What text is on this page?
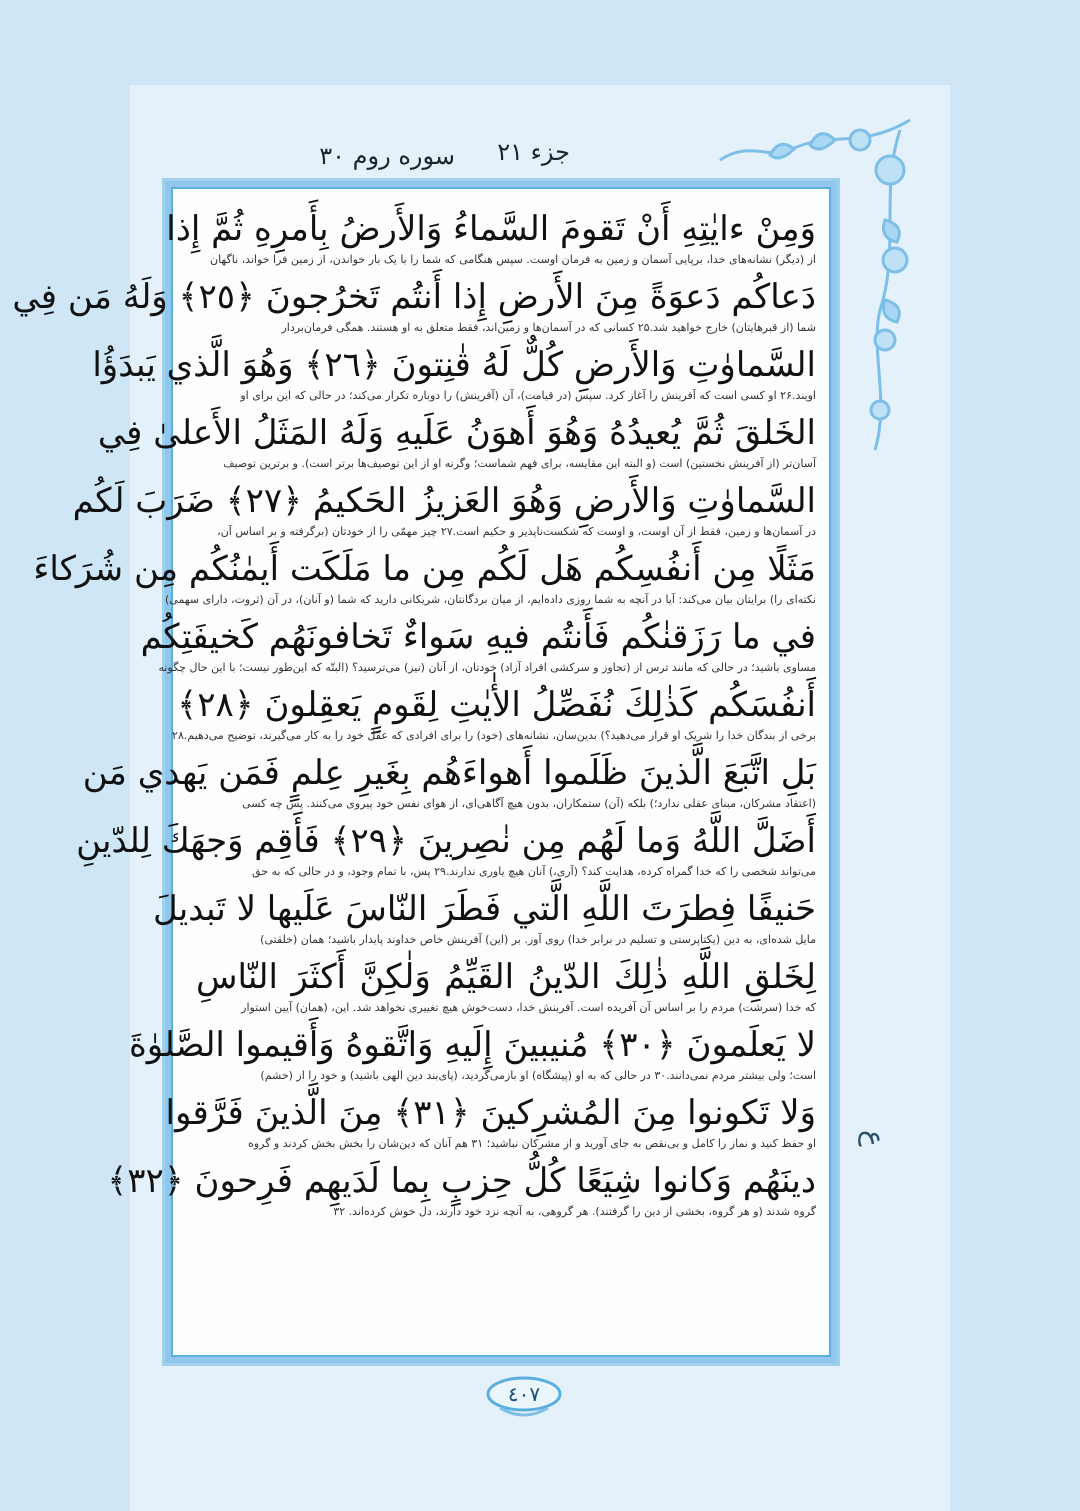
جزء ۲۱
سوره روم ۳۰
وَمِنْ ءايٰتِهِ أَنْ تَقومَ السَّماءُ وَالأَرضُ بِأَمرِهِ ثُمَّ إِذا
از (دیگر) نشانه‌های خدا، برپایی آسمان و زمین به فرمان اوست. سپس هنگامی که شما را با یک بار خواندن، از زمین فرا خواند، ناگهان
دَعاكُم دَعوَةً مِنَ الأَرضِ إِذا أَنتُم تَخرُجونَ ﴿٢٥﴾ وَلَهُ مَن فِي
شما (از قبرهایتان) خارج خواهید شد.۲۵ کسانی که در آسمان‌ها و زمین‌اند، فقط متعلق به او هستند. همگی فرمان‌بردار
السَّماوٰتِ وَالأَرضِ كُلٌّ لَهُ قٰنِتونَ ﴿٢٦﴾ وَهُوَ الَّذي يَبدَؤُا
اویند.۲۶ او کسی است که آفرینش را آغاز کرد. سپس (در قیامت)، آن (آفرینش) را دوباره تکرار می‌کند؛ در حالی که این برای او
الخَلقَ ثُمَّ يُعيدُهُ وَهُوَ أَهوَنُ عَلَيهِ وَلَهُ المَثَلُ الأَعلىٰ فِي
آسان‌تر (از آفرینش نخستین) است (و البته این مقایسه، برای فهم شماست؛ وگرنه او از این توصیف‌ها برتر است). و برترین توصیف
السَّماوٰتِ وَالأَرضِ وَهُوَ العَزيزُ الحَكيمُ ﴿٢٧﴾ ضَرَبَ لَكُم
در آسمان‌ها و زمین، فقط از آن اوست، و اوست که شکست‌ناپذیر و حکیم است.۲۷ چیز مهمّی را از خودتان (برگرفته و بر اساس آن،
مَثَلًا مِن أَنفُسِكُم هَل لَكُم مِن ما مَلَكَت أَيمٰنُكُم مِن شُرَكاءَ
نکته‌ای را) برایتان بیان می‌کند: آیا در آنچه به شما روزی داده‌ایم، از میان بردگانتان، شریکانی دارید که شما (و آنان)، در آن (ثروت، دارای سهمی)
في ما رَزَقنٰكُم فَأَنتُم فيهِ سَواءٌ تَخافونَهُم كَخيفَتِكُم
مساوی باشید؛ در حالی که مانند ترس از (تجاوز و سرکشی افراد آزاد) خودتان، از آنان (نیز) می‌ترسید؟ (البتّه که این‌طور نیست؛ با این حال چگونه
أَنفُسَكُم كَذٰلِكَ نُفَصِّلُ الأٰيٰتِ لِقَومٍ يَعقِلونَ ﴿٢٨﴾
برخی از بندگان خدا را شریک او قرار می‌دهید؟) بدین‌سان، نشانه‌های (خود) را برای افرادی که عقل خود را به کار می‌گیرند، توضیح می‌دهیم.۲۸
بَلِ اتَّبَعَ الَّذينَ ظَلَموا أَهواءَهُم بِغَيرِ عِلمٍ فَمَن يَهدي مَن
(اعتقاد مشرکان، مبنای عقلی ندارد؛) بلکه (آن) ستمکاران، بدون هیچ آگاهی‌ای، از هوای نفس خود پیروی می‌کنند. پس چه کسی
أَضَلَّ اللَّهُ وَما لَهُم مِن نٰصِرينَ ﴿٢٩﴾ فَأَقِم وَجهَكَ لِلدّينِ
می‌تواند شخصی را که خدا گمراه کرده، هدایت کند؟ (آری،) آنان هیچ یاوری ندارند.۲۹ پس، با تمام وجود، و در حالی که به حق
حَنيفًا فِطرَتَ اللَّهِ الَّتي فَطَرَ النّاسَ عَلَيها لا تَبديلَ
مایل شده‌ای، به دین (یکتاپرستی و تسلیم در برابر خدا) روی آور. بر (این) آفرینش خاص خداوند پایدار باشید؛ همان (خلقتی)
لِخَلقِ اللَّهِ ذٰلِكَ الدّينُ القَيِّمُ وَلٰكِنَّ أَكثَرَ النّاسِ
که خدا (سرشت) مردم را بر اساس آن آفریده است. آفرینش خدا، دست‌خوش هیچ تغییری نخواهد شد. این، (همان) آیین استوار
لا يَعلَمونَ ﴿٣٠﴾ مُنيبينَ إِلَيهِ وَاتَّقوهُ وَأَقيموا الصَّلوٰةَ
است؛ ولی بیشتر مردم نمی‌دانند.۳۰ در حالی که به او (پیشگاه) او بازمی‌گردید، (پای‌بند دین الهی باشید) و خود را از (خشم)
وَلا تَكونوا مِنَ المُشرِكينَ ﴿٣١﴾ مِنَ الَّذينَ فَرَّقوا
او حفظ کنید و نماز را کامل و بی‌نقص به جای آورید و از مشرکان نباشید؛ ۳۱ هم آنان که دین‌شان را بخش بخش کردند و گروه
دينَهُم وَكانوا شِيَعًا كُلُّ حِزبٍ بِما لَدَيهِم فَرِحونَ ﴿٣٢﴾
گروه شدند (و هر گروه، بخشی از دین را گرفتند). هر گروهی، به آنچه نزد خود دارند، دل خوش کرده‌اند. ۳۲
ع
٤٠٧
